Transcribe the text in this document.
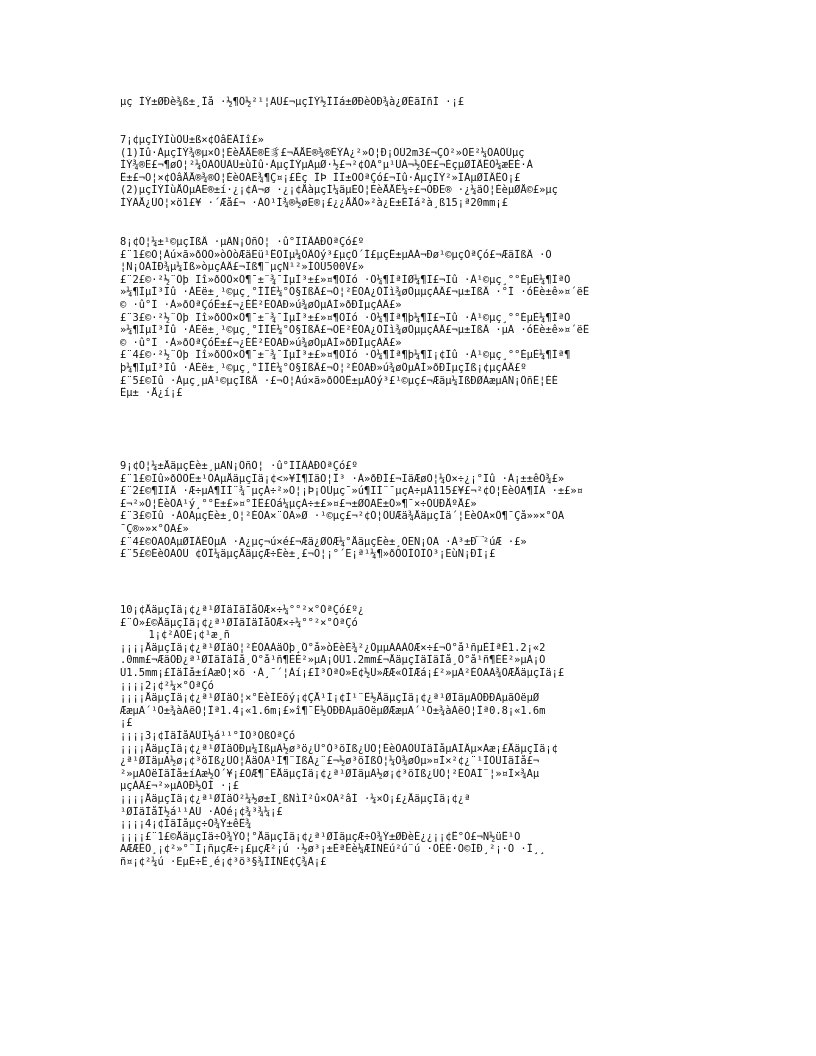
µç ÌÝ±ØÐè¾ß±¸Îå ·½¶Ô½²¹¦ÄÜ£¬µçÌÝ½ÎÏá±ØÐèÓÐ¾à¿ØÉãÏñÍ ·¡£
7¡¢µçÌÝÌùÖÜ±ß×¢ÒâÊÂÏî£»
(1)Ïû·ÀµçÌÝ¾®µ×Ó¦ÉèÅÅË®É豸£¬ÅÅË®¾®ÈÝÁ¿²»Ó¦Ð¡ÓÚ2m3£¬ÇÒ²»ÒË²¼ÖÃÔÚµç
ÌÝ¾®Ë£¬¶øÓ¦²¼ÖÃÔÚÄÜ±ùÍû·ÀµçÌÝµÄµØ·½£¬²¢ÓÃ°µ¹ÜÁ¬½ÓË£¬ÈçµØÏÂÊÒ¼æËÈ·À
Ê±£¬Ó¦×¢ÒâÅÅ®¾®Ó¦ÉèÖÃË¾¶Ç¤¡£Èç ÎÞ ÌÎ±ÕÒªÇó£¬Ïû·ÀµçÌÝ²»ÎÃµØÏÂÊÒ¡£
(2)µçÌÝÌùÅÔµÄË®±í·¿¡¢Ä¬ø ·¿¡¢ÅàµçÍ¼äµÈÓ¦ÉèÅÅÊ¼÷£¬ÓÐË® ·¿¼äÓ¦ÈèµØÅ©£»µç
ÌÝÄÅ¿ÚÓ¦×ö1£¥ ·´Æå£¬ ·ÀÖ¹Ì¾®½øË®¡£¿¿ÅÅÒ»²à¿É±ÈÎá²à¸ß15¡ª20mm¡£
8¡¢Ó¦¼±¹©µçÏßÂ ·µÄÑ¡ÔñÓ¦ ·û°ÏÏÂÁÐÒªÇó£º
£¨1£©Ó¦Àú×ã»ðÔÖ»òÒòÆäËü¹ÊÕÏµ¼ÖÂÕý³£µçÔ´Í£µçÊ±µÄÁ¬Ðø¹©µçÒªÇó£¬ÆäÏßÂ ·Ó
¦Ñ¡ÓÃÍÐ¾µ¼Ïß»òµçÀÂ£¬Ïß¶¨µçÑ¹²»ÍÓÚ500V£»
£¨2£©·²½¨Öþ Ïî»ðÔÖ×Ô¶¯±¨¾¯ÌµÍ³±£»¤¶ÔÏó ·Ö¼¶ÌªÌØ¼¶Ï£¬Ïû ·À¹©µç¸°°ÉµÈ¼¶ÎªÒ
»¼¶ÌµÍ³Ïû ·ÀÈë±¸¹©µç¸°ÍÎÈ¼°Ò§ÏßÂ£¬Ó¦²ÉÓÃ¿ÓÎì¾øÔµµçÀÂ£¬µ±ÏßÂ ·°Í ·óÉè±ê»¤´ëÊ
© ·û°Ï ·À»ðÒªÇóÊ±£¬¿ÉÊ²ÉÓÃÐ»ú¾øÔµÄÍ»ðÐÍµçÀÂ£»
£¨3£©·²½¨Öþ Ïî»ðÔÖ×Ô¶¯±¨¾¯ÌµÍ³±£»¤¶ÔÏó ·Ö¼¶Ìª¶þ¼¶Ï£¬Ïû ·À¹©µç¸°°ÉµÈ¼¶ÎªÒ
»¼¶ÌµÍ³Ïû ·ÀÈë±¸¹©µç¸°ÍÎÈ¼°Ò§ÏßÂ£¬ÒË²ÉÓÃ¿ÓÎì¾øÔµµçÀÂ£¬µ±ÏßÂ ·µÄ ·óÉè±ê»¤´ëÊ
© ·û°Ï ·À»ðÒªÇóÊ±£¬¿ÉÊ²ÉÓÃÐ»ú¾øÔµÄÍ»ðÐÍµçÀÂ£»
£¨4£©·²½¨Öþ Ïî»ðÔÖ×Ô¶¯±¨¾¯ÌµÍ³±£»¤¶ÔÏó ·Ö¼¶Ìª¶þ¼¶Ï¡¢Ïû ·À¹©µç¸°°ÉµÈ¼¶Ìª¶
þ¼¶ÌµÍ³Ïû ·ÀÈë±¸¹©µç¸°ÍÎÈ¼°Ò§ÏßÂ£¬Ó¦²ÉÓÃÐ»ú¾øÔµÄÍ»ðÐÍµçÏß¡¢µçÀÂ£º
£¨5£©Ïû ·Àµç¸µÄ¹©µçÏßÂ ·£¬Ó¦Àú×ã»ðÔÖÊ±µÄÕý³£¹©µç£¬Æäµ¼ÏßÐØÃæµÄÑ¡ÔñÉ¦ÈÉ
Êµ± ·Å¿í¡£
9¡¢Ó¦¼±ÅäµçÉè±¸µÄÑ¡ÔñÓ¦ ·û°ÏÏÂÁÐÒªÇó£º
£¨1£©Ïû»ðÔÖÊ±¹ÓÃµÅäµçÏä¡¢<»¥Í¶ÏäÓ¦Î³ ·À»ðÐÍ£¬ÏäÆøÓ¦¼Ó×÷¿¡°Ïû ·À¡±±êÖ¾£»
£¨2£©¶ÏÏÂ ·Æ÷µÄ¶ÏÍ¨¾¯µçÁ÷²»Ó¦¡Þ¡ÓÚµç¯»ú¶ÏÍ¨¯µçÃ÷µÄ115£¥£¬²¢Ó¦ÉèÖÃ¶ÏÀ ·±£»¤
£¬²»Ó¦ÉèÖÃ¹ý¸°°É±£»¤°ÍÊ£Öá¼µçÁ÷±£»¤£¬±ØÖÃÊ±Ó»¶¯×÷ÓÚÐÅºÅ£»
£¨3£©Ïû ·ÀÓÃµçÉè±¸Ó¦²ÉÓÃ×¨ÓÃ»Ø ·¹©µç£¬²¢Ó¦ÔÚÆä¾ÅäµçÏä´¦ÉèÖÃ×Ô¶¯Çå»»×°ÖÃ
¯Ç®»»×°ÖÃ£»
£¨4£©ÓÃÖÃµØÏÂÊÒµÄ ·Ã¿µç¬ú×é£¬Æä¿ØÖÆ¼°ÅäµçÉè±¸ÒËÑ¡ÓÃ ·À³±Ð͡²úÆ ·£»
£¨5£©ÉèÖÃÓÚ ¢ÓÎ¼äµçÅäµçÆ÷Éè±¸£¬Ó¦¡°´Ë¡ª¹¼¶»ðÔÖÌÕÏÕ³¡ËùÑ¡ÐÍ¡£
10¡¢ÅäµçÏä¡¢¿ª¹ØÏäÏäÌåÖÆ×÷¼°°²×°ÒªÇó£º¿
£¨Ò»£©ÅäµçÏä¡¢¿ª¹ØÏäÏäÌåÖÆ×÷¼°°²×°ÒªÇó
1¡¢²ÄÖÊ¡¢¹æ¸ñ
¡¡¡¡ÅäµçÏä¡¢¿ª¹ØÏäÓ¦²ÉÓÃÀäÔþ¸Ö°å»òÈèÈ¾²¿ÔµµÄÄÀÖÆ×÷£¬Ö°å¹ñµÈÌªÈ1.2¡«2
.0mm£¬ÆäÖÐ¿ª¹ØÏäÏäÌå¸Ö°å¹ñ¶ÈÈ²»µÃ¡ÓÚ1.2mm£¬ÅäµçÏäÏäÌå¸Ö°å¹ñ¶ÈÈ²»µÃ¡Ó
Ú1.5mm¡£ÏäÌå±íÃæÓ¦×ö ·À¸¯´¦Àí¡£Í³ÒªÒ»Ë¢½Ü»ÆÆ«ÓÍÆá¡£²»µÃ²ÉÓÃÄ¾ÖÆÅäµçÏä¡£
¡¡¡¡2¡¢²¼×°ÒªÇó
¡¡¡¡ÅäµçÏä¡¢¿ª¹ØÏäÓ¦×°ÉèÍËõý¡¢ÇÅ¹Ì¡¢Ì¹¨Ê½ÅäµçÏä¡¢¿ª¹ØÏäµÄÖÐÐÄµãÓëµØ
ÆæµÄ´¹Ö±¾àÀëÓ¦Îª1.4¡«1.6m¡£»î¶¯Ê½ÖÐÐÄµãÓëµØÆæµÄ´¹Ö±¾àÀëÓ¦Îª0.8¡«1.6m
¡£
¡¡¡¡3¡¢ÏäÌåÄÚÌ½á¹¹°ÍÖ³ÖßÒªÇó
¡¡¡¡ÅäµçÏä¡¢¿ª¹ØÏäÖÐµ¼ÏßµÄ½ø³ö¿Ú°Ó³öÏß¿ÚÓ¦ÉèÖÃÔÚÏäÌåµÄÏÂµ×Ãæ¡£ÅäµçÏä¡¢
¿ª¹ØÏäµÄ½ø¡¢³öÏß¿ÚÓ¦ÅäÖÃ¹Ì¶¨ÏßÄ¿¨£¬½ø³öÏßÓ¦¼Ó¾øÔµ»¤Ì×²¢¿¨¹ÌÔÚÏäÌå£¬
²»µÃÓëÏäÌå±íÃæ½Ó´¥¡£ÒÆ¶¯ÈÅäµçÏä¡¢¿ª¹ØÏäµÄ½ø¡¢³öÏß¿ÚÓ¦²ÉÓÃÍ¨¦»¤Ì×¾Ãµ
µçÀÂ£¬²»µÃÓÐ½ÓÍ ·¡£
¡¡¡¡ÅäµçÏä¡¢¿ª¹ØÏäÔ²¼½ø±Ï¸ßÑìÏ²û×ÓÃ²âÍ ·¼×Ó¡£¿ÅäµçÏä¡¢¿ª
¹ØÏäÌåÎ½á¹¹ÄÚ ·ÀÓé¡¢¾³¾¼¡£
¡¡¡¡4¡¢ÏäÌåµç÷Ó¾Ý±êÊ¾
¡¡¡¡£¨1£©ÅäµçÏä÷Ó¾ÝÓ¦°ÅäµçÏä¡¢¿ª¹ØÏäµçÆ÷Ó¾Ý±ØÐèÉ¿¿¡¡¢Ê°Ò£¬Ñ½üÊ¹Ó
ÃÆÆÊÔ¸¡¢²»°¨Ï¡ñµçÆ÷¡£µçÆ²¡ú ·½ø³¡±ÈªÉè¼ÆÍÑÉú²ú¨ú ·ÒÈÈ·Ó©ÍÐ¸²¡·Ó ·Î¸¸
ñ¤¡¢²¼ú ·ËµÈ÷Ê¸é¡¢³ö³§¾ÍÌÑÉ¢Ç¾Ä¡£
